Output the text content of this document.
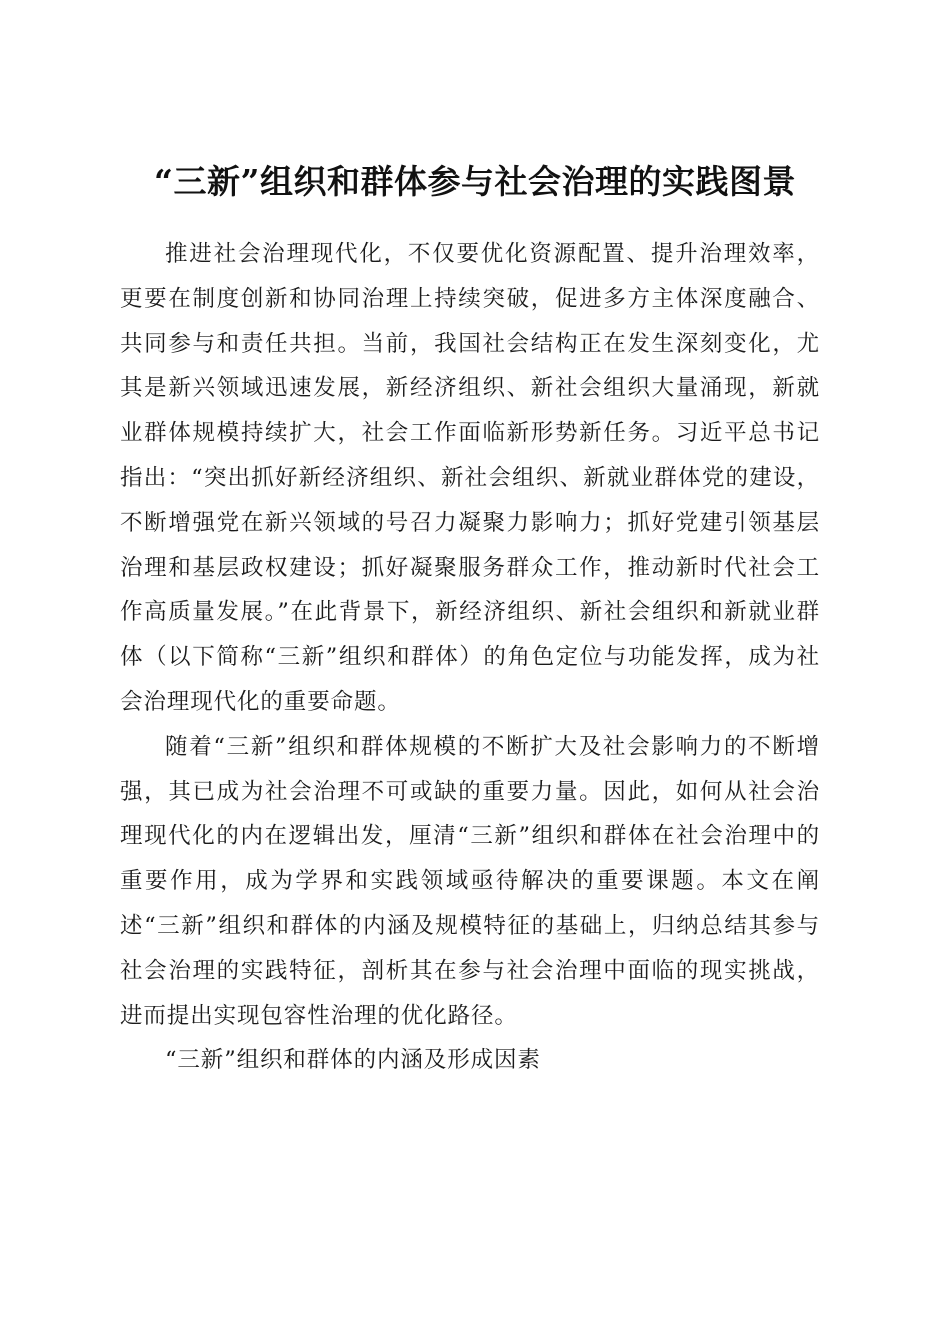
“三新”组织和群体参与社会治理的实践图景

推进社会治理现代化，不仅要优化资源配置、提升治理效率，更要在制度创新和协同治理上持续突破，促进多方主体深度融合、共同参与和责任共担。当前，我国社会结构正在发生深刻变化，尤其是新兴领域迅速发展，新经济组织、新社会组织大量涌现，新就业群体规模持续扩大，社会工作面临新形势新任务。习近平总书记指出：“突出抓好新经济组织、新社会组织、新就业群体党的建设，不断增强党在新兴领域的号召力凝聚力影响力；抓好党建引领基层治理和基层政权建设；抓好凝聚服务群众工作，推动新时代社会工作高质量发展。”在此背景下，新经济组织、新社会组织和新就业群体（以下简称“三新”组织和群体）的角色定位与功能发挥，成为社会治理现代化的重要命题。

随着“三新”组织和群体规模的不断扩大及社会影响力的不断增强，其已成为社会治理不可或缺的重要力量。因此，如何从社会治理现代化的内在逻辑出发，厘清“三新”组织和群体在社会治理中的重要作用，成为学界和实践领域亟待解决的重要课题。本文在阐述“三新”组织和群体的内涵及规模特征的基础上，归纳总结其参与社会治理的实践特征，剖析其在参与社会治理中面临的现实挑战，进而提出实现包容性治理的优化路径。

“三新”组织和群体的内涵及形成因素
